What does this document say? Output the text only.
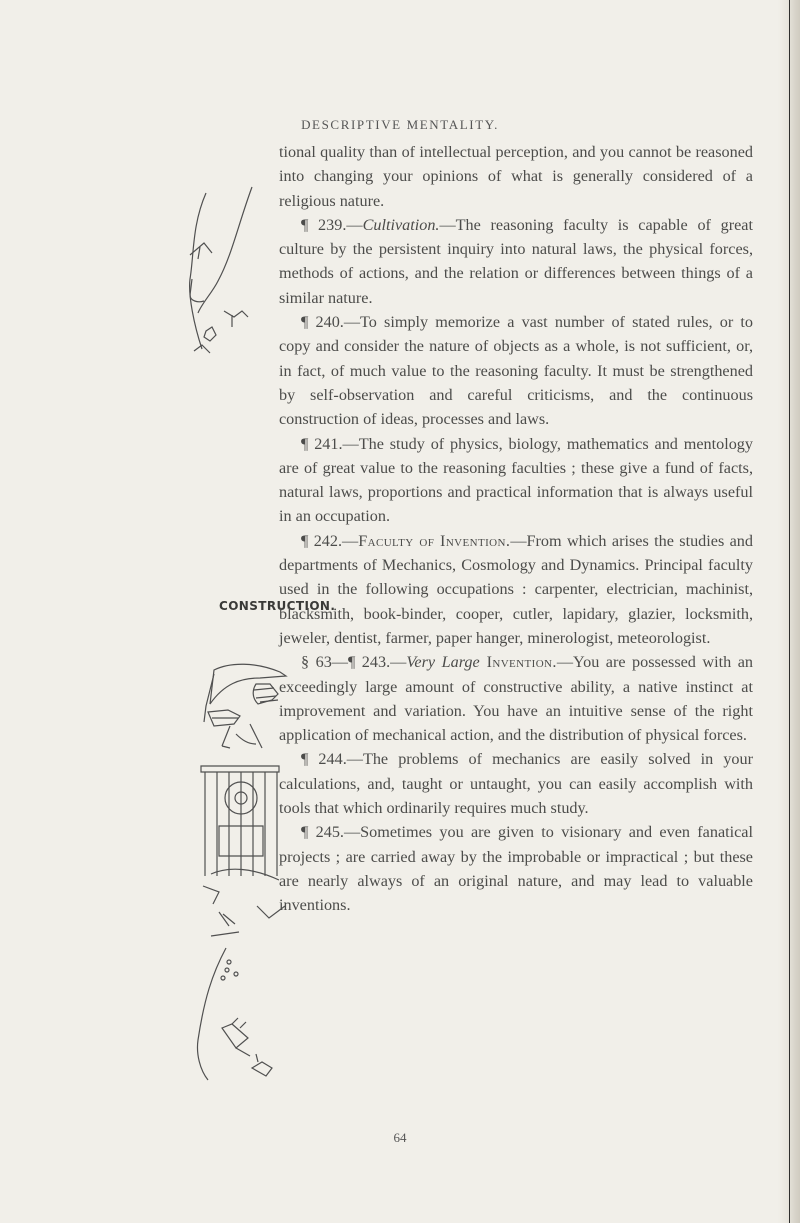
DESCRIPTIVE MENTALITY.
CONSTRUCTION.

tional quality than of intellectual perception, and you cannot be reasoned into changing your opinions of what is generally considered of a religious nature.

¶ 239.—Cultivation.—The reasoning faculty is capable of great culture by the persistent inquiry into natural laws, the physical forces, methods of actions, and the relation or differences between things of a similar nature.

¶ 240.—To simply memorize a vast number of stated rules, or to copy and consider the nature of objects as a whole, is not sufficient, or, in fact, of much value to the reasoning faculty. It must be strengthened by self-observation and careful criticisms, and the continuous construction of ideas, processes and laws.

¶ 241.—The study of physics, biology, mathematics and mentology are of great value to the reasoning faculties ; these give a fund of facts, natural laws, proportions and practical information that is always useful in an occupation.

¶ 242.—Faculty of Invention.—From which arises the studies and departments of Mechanics, Cosmology and Dynamics. Principal faculty used in the following occupations : carpenter, electrician, machinist, blacksmith, book-binder, cooper, cutler, lapidary, glazier, locksmith, jeweler, dentist, farmer, paper hanger, minerologist, meteorologist.

§ 63—¶ 243.—Very Large Invention.—You are possessed with an exceedingly large amount of constructive ability, a native instinct at improvement and variation. You have an intuitive sense of the right application of mechanical action, and the distribution of physical forces.

¶ 244.—The problems of mechanics are easily solved in your calculations, and, taught or untaught, you can easily accomplish with tools that which ordinarily requires much study.

¶ 245.—Sometimes you are given to visionary and even fanatical projects ; are carried away by the improbable or impractical ; but these are nearly always of an original nature, and may lead to valuable inventions.

64
